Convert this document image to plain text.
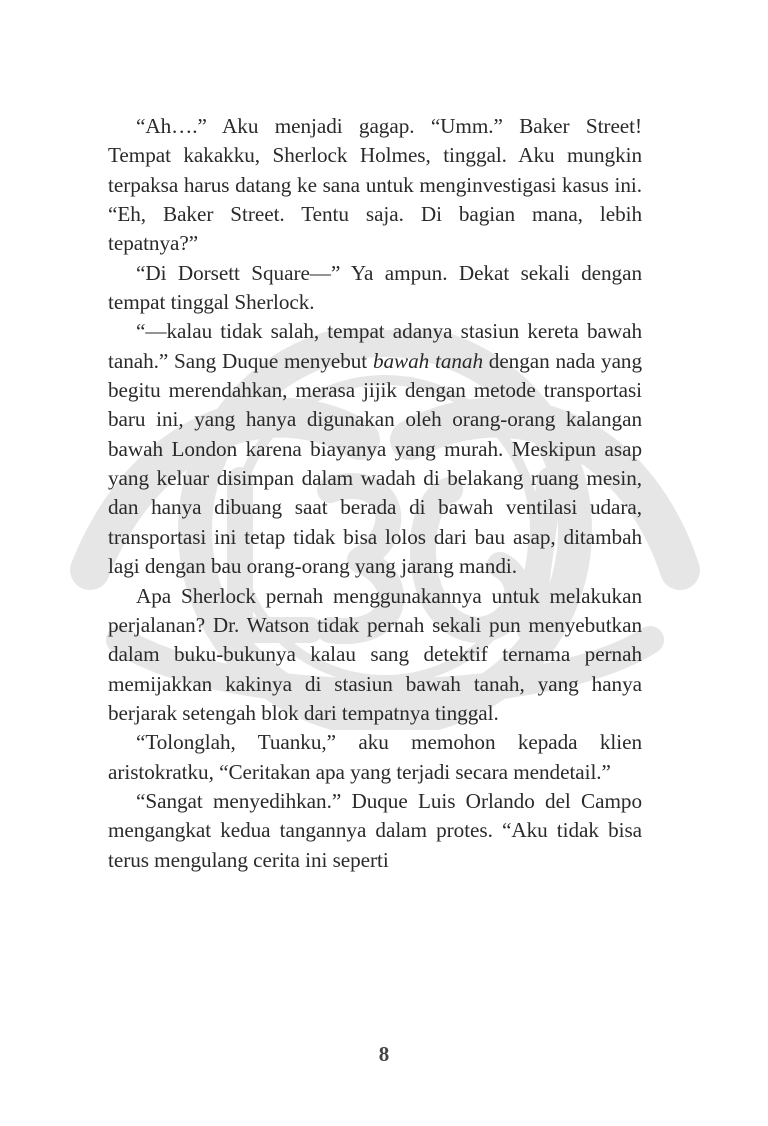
“Ah….” Aku menjadi gagap. “Umm.” Baker Street! Tempat kakakku, Sherlock Holmes, tinggal. Aku mungkin terpaksa harus datang ke sana untuk menginvestigasi kasus ini. “Eh, Baker Street. Tentu saja. Di bagian mana, lebih tepatnya?”

“Di Dorsett Square—” Ya ampun. Dekat sekali dengan tempat tinggal Sherlock.

“—kalau tidak salah, tempat adanya stasiun kereta bawah tanah.” Sang Duque menyebut bawah tanah dengan nada yang begitu merendahkan, merasa jijik dengan metode transportasi baru ini, yang hanya digunakan oleh orang-orang kalangan bawah London karena biayanya yang murah. Meskipun asap yang keluar disimpan dalam wadah di belakang ruang mesin, dan hanya dibuang saat berada di bawah ventilasi udara, transportasi ini tetap tidak bisa lolos dari bau asap, ditambah lagi dengan bau orang-orang yang jarang mandi.

Apa Sherlock pernah menggunakannya untuk melakukan perjalanan? Dr. Watson tidak pernah sekali pun menyebutkan dalam buku-bukunya kalau sang detektif ternama pernah memijakkan kakinya di stasiun bawah tanah, yang hanya berjarak setengah blok dari tempatnya tinggal.

“Tolonglah, Tuanku,” aku memohon kepada klien aristokratku, “Ceritakan apa yang terjadi secara mendetail.”

“Sangat menyedihkan.” Duque Luis Orlando del Campo mengangkat kedua tangannya dalam protes. “Aku tidak bisa terus mengulang cerita ini seperti

8
